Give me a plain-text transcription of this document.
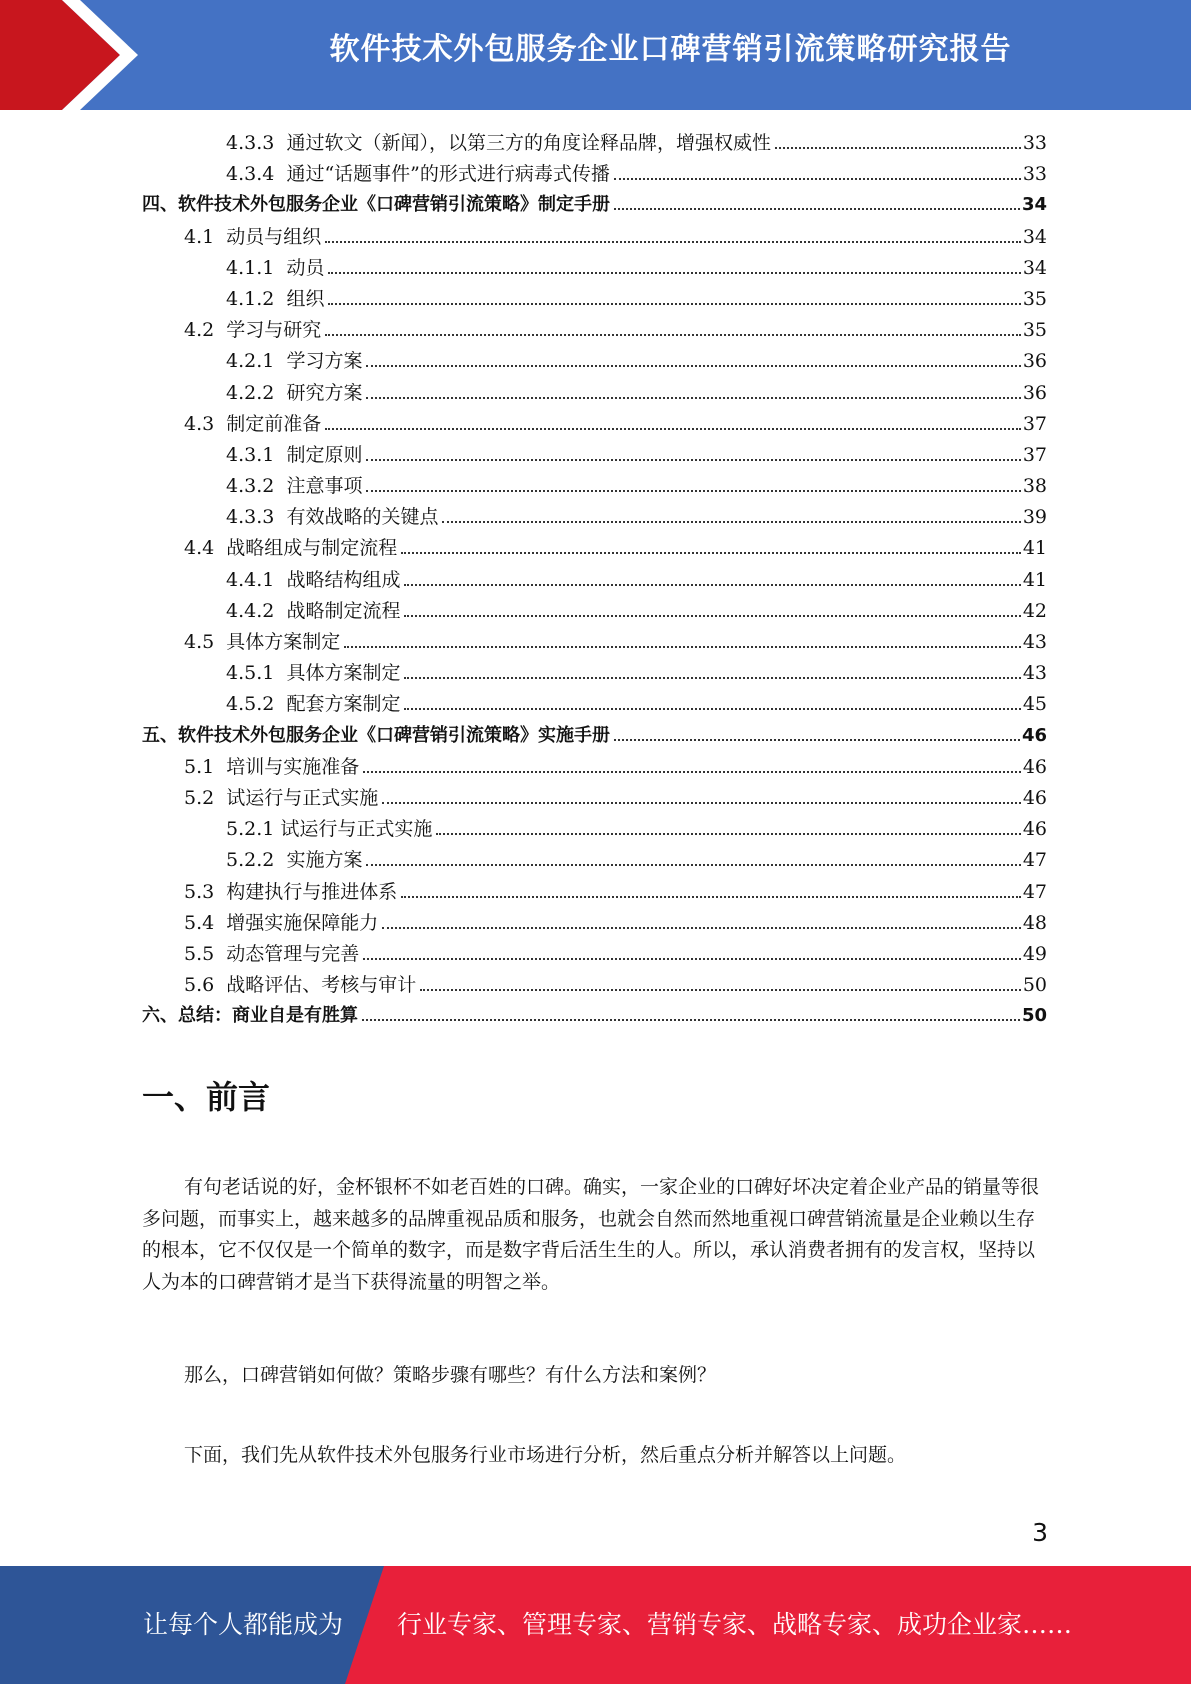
软件技术外包服务企业口碑营销引流策略研究报告
4.3.3 通过软文（新闻），以第三方的角度诠释品牌，增强权威性	33
4.3.4 通过“话题事件”的形式进行病毒式传播	33
四、软件技术外包服务企业《口碑营销引流策略》制定手册	34
4.1 动员与组织	34
4.1.1 动员	34
4.1.2 组织	35
4.2 学习与研究	35
4.2.1 学习方案	36
4.2.2 研究方案	36
4.3 制定前准备	37
4.3.1 制定原则	37
4.3.2 注意事项	38
4.3.3 有效战略的关键点	39
4.4 战略组成与制定流程	41
4.4.1 战略结构组成	41
4.4.2 战略制定流程	42
4.5 具体方案制定	43
4.5.1 具体方案制定	43
4.5.2 配套方案制定	45
五、软件技术外包服务企业《口碑营销引流策略》实施手册	46
5.1 培训与实施准备	46
5.2 试运行与正式实施	46
5.2.1 试运行与正式实施	46
5.2.2 实施方案	47
5.3 构建执行与推进体系	47
5.4 增强实施保障能力	48
5.5 动态管理与完善	49
5.6 战略评估、考核与审计	50
六、总结：商业自是有胜算	50
一、前言

有句老话说的好，金杯银杯不如老百姓的口碑。确实，一家企业的口碑好坏决定着企业产品的销量等很多问题，而事实上，越来越多的品牌重视品质和服务，也就会自然而然地重视口碑营销流量是企业赖以生存的根本，它不仅仅是一个简单的数字，而是数字背后活生生的人。所以，承认消费者拥有的发言权，坚持以人为本的口碑营销才是当下获得流量的明智之举。

那么，口碑营销如何做？策略步骤有哪些？有什么方法和案例？

下面，我们先从软件技术外包服务行业市场进行分析，然后重点分析并解答以上问题。

3
让每个人都能成为 行业专家、管理专家、营销专家、战略专家、成功企业家……
